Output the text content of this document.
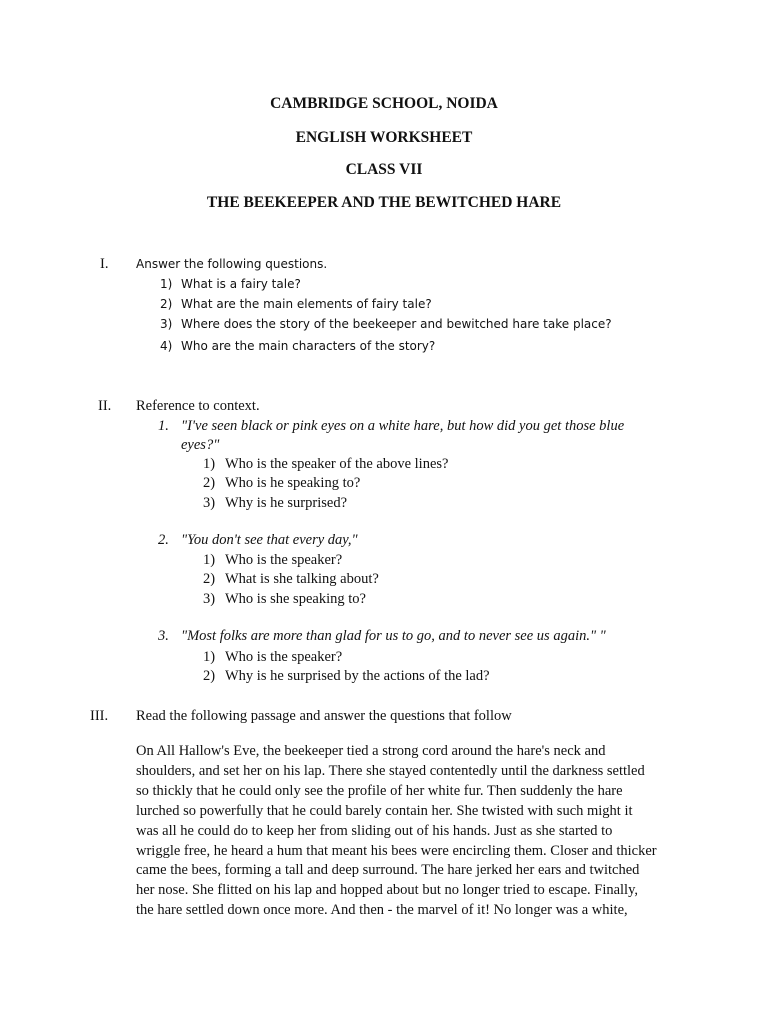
CAMBRIDGE SCHOOL, NOIDA
ENGLISH WORKSHEET
CLASS VII
THE BEEKEEPER AND THE BEWITCHED HARE
I. Answer the following questions.
1) What is a fairy tale?
2) What are the main elements of fairy tale?
3) Where does the story of the beekeeper and bewitched hare take place?
4) Who are the main characters of the story?
II. Reference to context.
1. "I've seen black or pink eyes on a white hare, but how did you get those blue
eyes?"
1) Who is the speaker of the above lines?
2) Who is he speaking to?
3) Why is he surprised?
2. "You don't see that every day,"
1) Who is the speaker?
2) What is she talking about?
3) Who is she speaking to?
3. "Most folks are more than glad for us to go, and to never see us again." "
1) Who is the speaker?
2) Why is he surprised by the actions of the lad?
III. Read the following passage and answer the questions that follow
On All Hallow's Eve, the beekeeper tied a strong cord around the hare's neck and
shoulders, and set her on his lap. There she stayed contentedly until the darkness settled
so thickly that he could only see the profile of her white fur. Then suddenly the hare
lurched so powerfully that he could barely contain her. She twisted with such might it
was all he could do to keep her from sliding out of his hands. Just as she started to
wriggle free, he heard a hum that meant his bees were encircling them. Closer and thicker
came the bees, forming a tall and deep surround. The hare jerked her ears and twitched
her nose. She flitted on his lap and hopped about but no longer tried to escape. Finally,
the hare settled down once more. And then - the marvel of it! No longer was a white,
